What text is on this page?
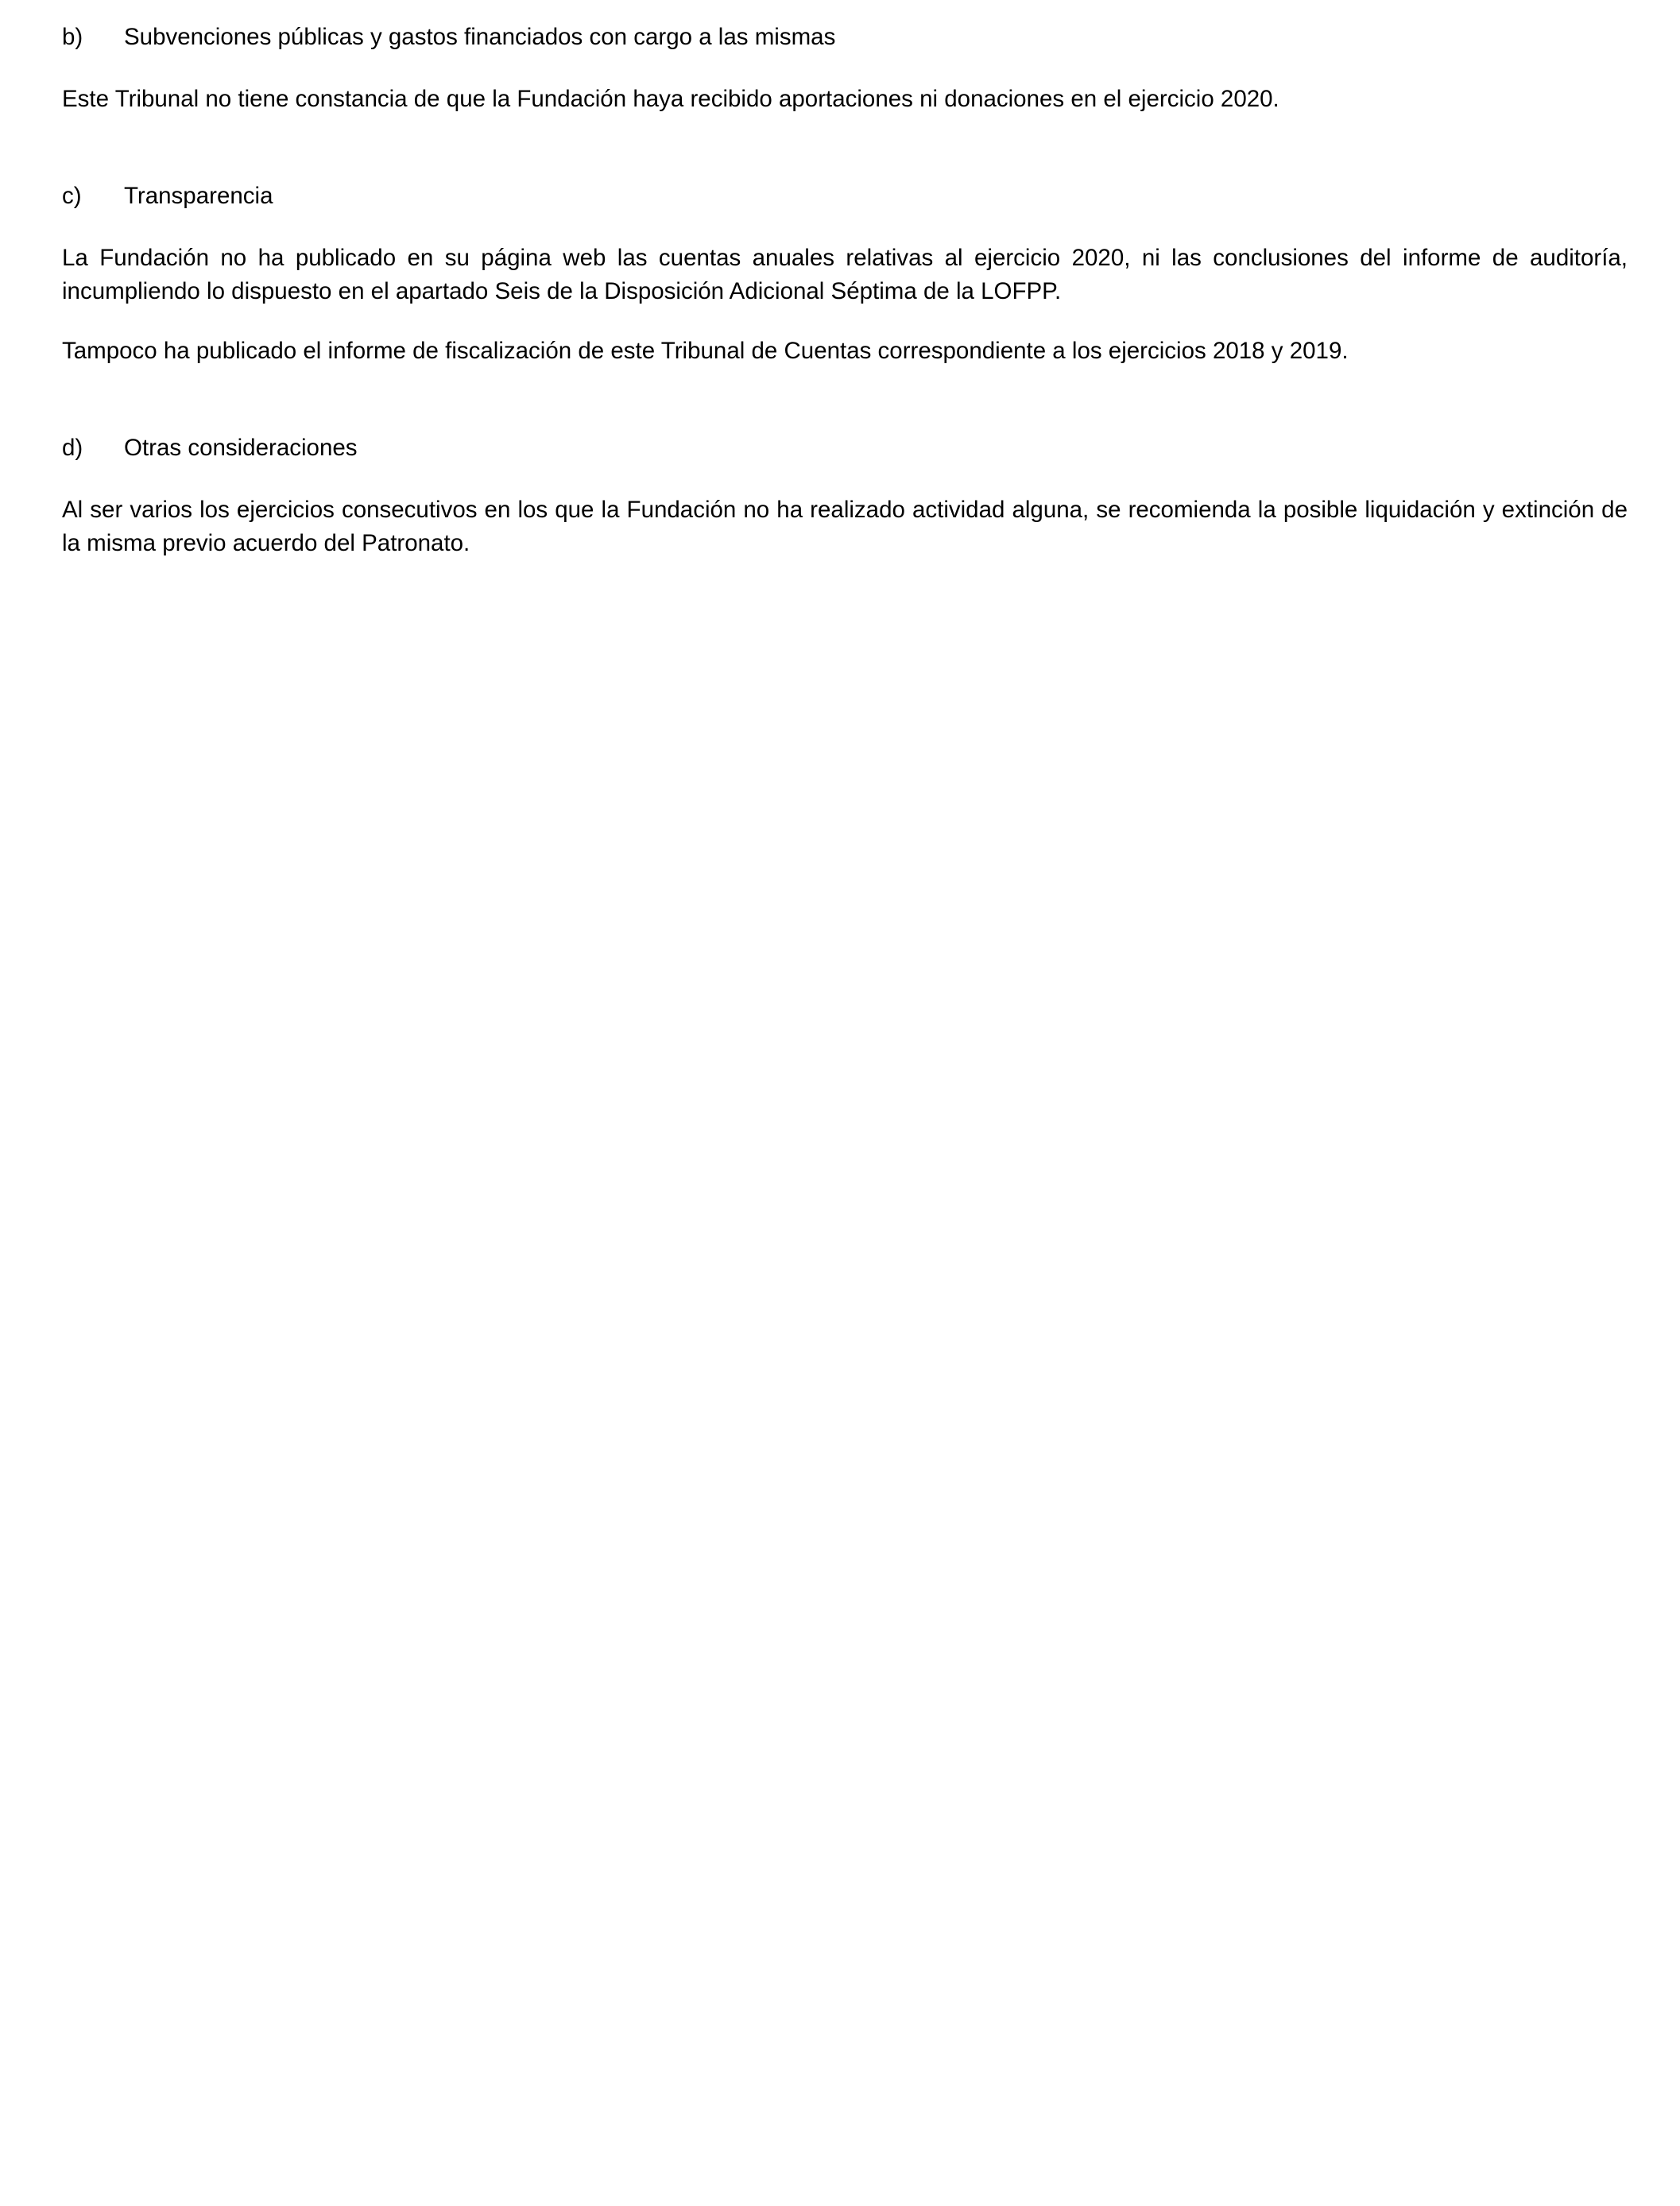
b)	Subvenciones públicas y gastos financiados con cargo a las mismas

Este Tribunal no tiene constancia de que la Fundación haya recibido aportaciones ni donaciones en el ejercicio 2020.

c)	Transparencia

La Fundación no ha publicado en su página web las cuentas anuales relativas al ejercicio 2020, ni las conclusiones del informe de auditoría, incumpliendo lo dispuesto en el apartado Seis de la Disposición Adicional Séptima de la LOFPP.

Tampoco ha publicado el informe de fiscalización de este Tribunal de Cuentas correspondiente a los ejercicios 2018 y 2019.

d)	Otras consideraciones

Al ser varios los ejercicios consecutivos en los que la Fundación no ha realizado actividad alguna, se recomienda la posible liquidación y extinción de la misma previo acuerdo del Patronato.
